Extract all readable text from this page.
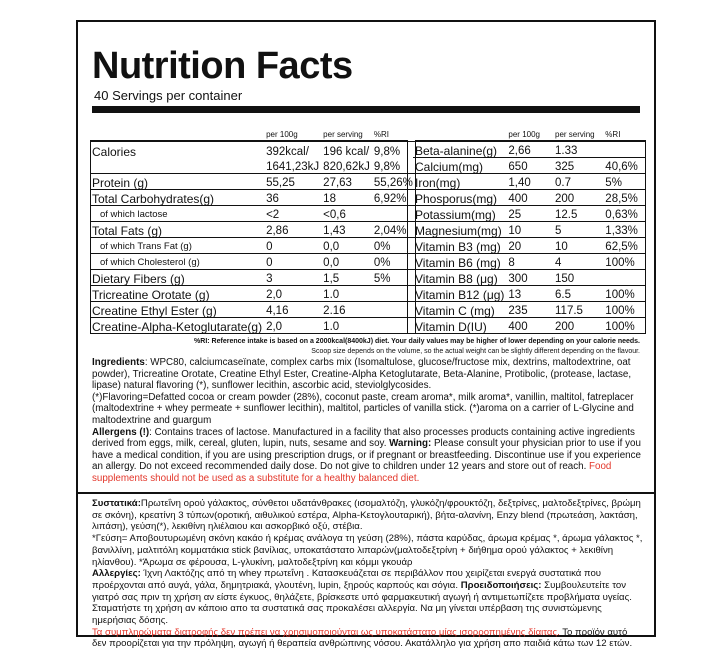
Nutrition Facts
40 Servings per container
	per 100g	per serving	%RI
Calories	392kcal/	196 kcal/	9,8%
	1641,23kJ	820,62kJ	9,8%
Protein (g)	55,25	27,63	55,26%
Total Carbohydrates(g)	36	18	6,92%
of which lactose	<2	<0,6	
Total Fats (g)	2,86	1,43	2,04%
of which Trans Fat (g)	0	0,0	0%
of which Cholesterol (g)	0	0,0	0%
Dietary Fibers (g)	3	1,5	5%
Tricreatine Orotate (g)	2,0	1.0	
Creatine Ethyl Ester (g)	4,16	2.16	
Creatine-Alpha-Ketoglutarate(g)	2,0	1.0	
	per 100g	per serving	%RI
Beta-alanine(g)	2,66	1.33	
Calcium(mg)	650	325	40,6%
Iron(mg)	1,40	0.7	5%
Phosporus(mg)	400	200	28,5%
Potassium(mg)	25	12.5	0,63%
Magnesium(mg)	10	5	1,33%
Vitamin B3 (mg)	20	10	62,5%
Vitamin B6 (mg)	8	4	100%
Vitamin B8 (μg)	300	150	
Vitamin B12 (μg)	13	6.5	100%
Vitamin C (mg)	235	117.5	100%
Vitamin D(IU)	400	200	100%
%RI: Reference intake is based on a 2000kcal(8400kJ) diet. Your daily values may be higher of lower depending on your calorie needs.
Scoop size depends on the volume, so the actual weight can be slightly different depending on the flavour.

Ingredients: WPC80, calciumcaseïnate, complex carbs mix (Isomaltulose, glucose/fructose mix, dextrins, maltodextrine, oat powder), Tricreatine Orotate, Creatine Ethyl Ester, Creatine-Alpha Ketoglutarate, Beta-Alanine, Protibolic, (protease, lactase, lipase) natural flavoring (*), sunflower lecithin, ascorbic acid, steviolglycosides.

(*)Flavoring=Defatted cocoa or cream powder (28%), coconut paste, cream aroma*, milk aroma*, vanillin, maltitol, fatreplacer (maltodextrine + whey permeate + sunflower lecithin), maltitol, particles of vanilla stick. (*)aroma on a carrier of L-Glycine and maltodextrine and guargum

Allergens (!): Contains traces of lactose. Manufactured in a facility that also processes products containing active ingredients derived from eggs, milk, cereal, gluten, lupin, nuts, sesame and soy. Warning: Please consult your physician prior to use if you have a medical condition, if you are using prescription drugs, or if pregnant or breastfeeding. Discontinue use if you experience an allergy. Do not exceed recommended daily dose. Do not give to children under 12 years and store out of reach. Food supplements should not be used as a substitute for a healthy balanced diet.

Συστατικά:Πρωτεΐνη ορού γάλακτος, σύνθετοι υδατάνθρακες (ισομαλτόζη, γλυκόζη/φρουκτόζη, δεξτρίνες, μαλτοδεξτρίνες, βρώμη σε σκόνη), κρεατίνη 3 τύπων(οροτική, αιθυλικού εστέρα, Alpha-Κετογλουταρική), βήτα-αλανίνη, Enzy blend (πρωτεάση, λακτάση, λιπάση), γεύση(*), λεκιθίνη ηλιέλαιου και ασκορβικό οξύ, στέβια.

*Γεύση= Αποβουτυρωμένη σκόνη κακάο ή κρέμας ανάλογα τη γεύση (28%), πάστα καρύδας, άρωμα κρέμας *, άρωμα γάλακτος *, βανιλλίνη, μαλτιτόλη κομματάκια stick βανίλιας, υποκατάστατο λιπαρών(μαλτοδεξτρίνη + διήθημα ορού γάλακτος + λεκιθίνη ηλίανθου). *Άρωμα σε φέρουσα, L-γλυκίνη, μαλτοδεξτρίνη και κόμμι γκουάρ

Αλλεργίες: Ίχνη Λακτόζης από τη whey πρωτεΐνη . Κατασκευάζεται σε περιβάλλον που χειρίζεται ενεργά συστατικά που προέρχονται από αυγά, γάλα, δημητριακά, γλουτένη, lupin, ξηρούς καρπούς και σόγια. Προειδοποιήσεις: Συμβουλευτείτε τον γιατρό σας πριν τη χρήση αν είστε έγκυος, θηλάζετε, βρίσκεστε υπό φαρμακευτική αγωγή ή αντιμετωπίζετε προβλήματα υγείας. Σταματήστε τη χρήση αν κάποιο απο τα συστατικά σας προκαλέσει αλλεργία. Να μη γίνεται υπέρβαση της συνιστώμενης ημερήσιας δόσης.

Τα συμπληρώματα διατροφής δεν πρέπει να χρησιμοποιούνται ως υποκατάστατο μίας ισορροπημένης δίαιτας. Το προϊόν αυτό δεν προορίζεται για την πρόληψη, αγωγή ή θεραπεία ανθρώπινης νόσου. Ακατάλληλο για χρήση απο παιδιά κάτω των 12 ετών.
